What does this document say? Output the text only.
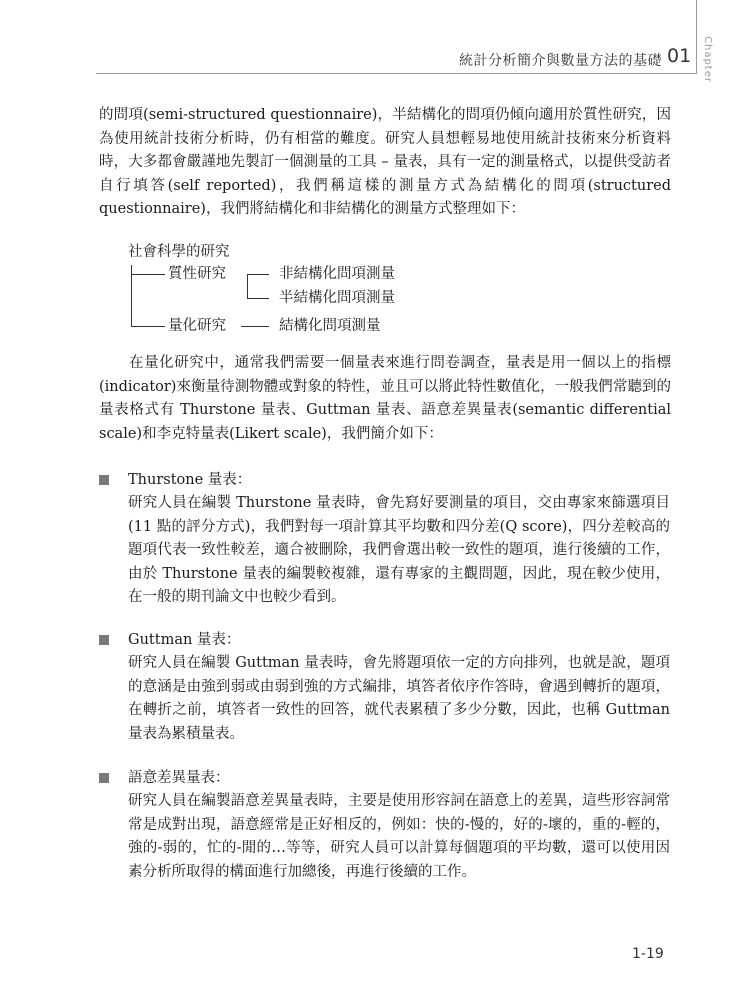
統計分析簡介與數量方法的基礎 01	Chapter
的問項(semi-structured questionnaire)，半結構化的問項仍傾向適用於質性研究，因為使用統計技術分析時，仍有相當的難度。研究人員想輕易地使用統計技術來分析資料時，大多都會嚴謹地先製訂一個測量的工具 – 量表，具有一定的測量格式，以提供受訪者自行填答(self reported)，我們稱這樣的測量方式為結構化的問項(structured questionnaire)，我們將結構化和非結構化的測量方式整理如下：
社會科學的研究
質性研究	非結構化問項測量
半結構化問項測量
量化研究	結構化問項測量
在量化研究中，通常我們需要一個量表來進行問卷調查，量表是用一個以上的指標(indicator)來衡量待測物體或對象的特性，並且可以將此特性數值化，一般我們常聽到的量表格式有 Thurstone 量表、Guttman 量表、語意差異量表(semantic differential scale)和李克特量表(Likert scale)，我們簡介如下：
Thurstone 量表：
研究人員在編製 Thurstone 量表時，會先寫好要測量的項目，交由專家來篩選項目(11 點的評分方式)，我們對每一項計算其平均數和四分差(Q score)，四分差較高的題項代表一致性較差，適合被刪除，我們會選出較一致性的題項，進行後續的工作，由於 Thurstone 量表的編製較複雜，還有專家的主觀問題，因此，現在較少使用，在一般的期刊論文中也較少看到。
Guttman 量表：
研究人員在編製 Guttman 量表時，會先將題項依一定的方向排列，也就是說，題項的意涵是由強到弱或由弱到強的方式編排，填答者依序作答時，會遇到轉折的題項，在轉折之前，填答者一致性的回答，就代表累積了多少分數，因此，也稱 Guttman 量表為累積量表。
語意差異量表：
研究人員在編製語意差異量表時，主要是使用形容詞在語意上的差異，這些形容詞常常是成對出現，語意經常是正好相反的，例如：快的-慢的，好的-壞的，重的-輕的，強的-弱的，忙的-閒的…等等，研究人員可以計算每個題項的平均數，還可以使用因素分析所取得的構面進行加總後，再進行後續的工作。
1-19
